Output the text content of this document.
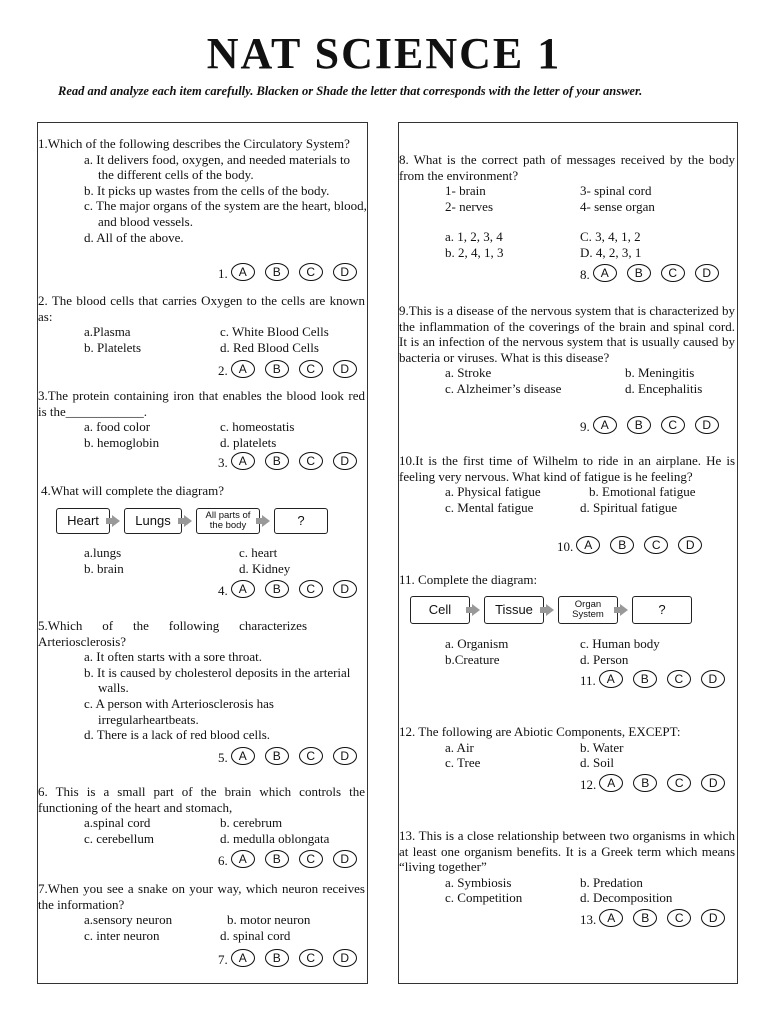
NAT SCIENCE 1
Read and analyze each item carefully. Blacken or Shade the letter that corresponds with the letter of your answer.
1.Which of the following describes the Circulatory System?
a. It delivers food, oxygen, and needed materials to the different cells of the body.
b. It picks up wastes from the cells of the body.
c. The major organs of the system are the heart, blood, and blood vessels.
d. All of the above.
1. A	B	C	D
2. The blood cells that carries Oxygen to the cells are known as:
a.Plasma	c. White Blood Cells
b. Platelets	d. Red Blood Cells
2. A	B	C	D
3.The protein containing iron that enables the blood look red is the____________.
a. food color	c. homeostatis
b. hemoglobin	d. platelets
3. A	B	C	D
4.What will complete the diagram?
Heart	Lungs	All parts of the body	?
a.lungs	c. heart
b. brain	d. Kidney
4. A	B	C	D
5.Which of the following characterizes Arteriosclerosis?
a. It often starts with a sore throat.
b. It is caused by cholesterol deposits in the arterial walls.
c. A person with Arteriosclerosis has irregularheartbeats.
d. There is a lack of red blood cells.
5. A	B	C	D
6. This is a small part of the brain which controls the functioning of the heart and stomach,
a.spinal cord	b. cerebrum
c. cerebellum	d. medulla oblongata
6. A	B	C	D
7.When you see a snake on your way, which neuron receives the information?
a.sensory neuron	b. motor neuron
c. inter neuron	d. spinal cord
7. A	B	C	D
8. What is the correct path of messages received by the body from the environment?
1- brain	3- spinal cord
2- nerves	4- sense organ
a. 1, 2, 3, 4	C. 3, 4, 1, 2
b. 2, 4, 1, 3	D. 4, 2, 3, 1
8. A	B	C	D
9.This is a disease of the nervous system that is characterized by the inflammation of the coverings of the brain and spinal cord. It is an infection of the nervous system that is usually caused by bacteria or viruses. What is this disease?
a. Stroke	b. Meningitis
c. Alzheimer’s disease	d. Encephalitis
9. A	B	C	D
10.It is the first time of Wilhelm to ride in an airplane. He is feeling very nervous. What kind of fatigue is he feeling?
a. Physical fatigue	b. Emotional fatigue
c. Mental fatigue	d. Spiritual fatigue
10. A	B	C	D
11. Complete the diagram:
Cell	Tissue	Organ System	?
a. Organism	c. Human body
b.Creature	d. Person
11. A	B	C	D
12. The following are Abiotic Components, EXCEPT:
a. Air	b. Water
c. Tree	d. Soil
12. A	B	C	D
13. This is a close relationship between two organisms in which at least one organism benefits. It is a Greek term which means “living together”
a. Symbiosis	b. Predation
c. Competition	d. Decomposition
13. A	B	C	D
